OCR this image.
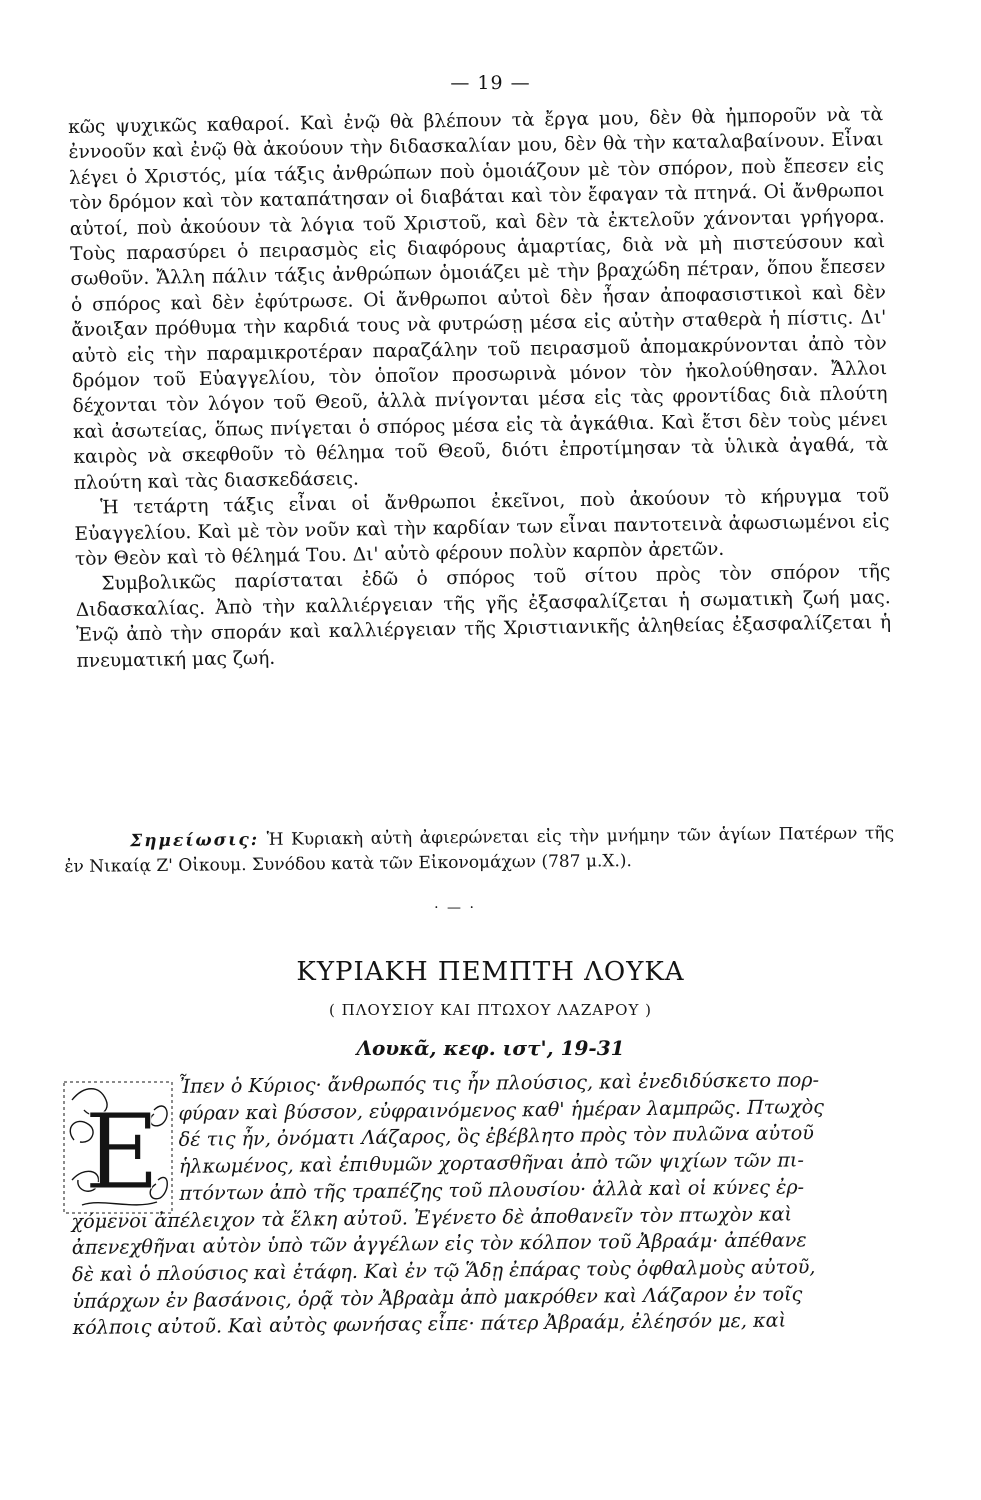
— 19 —

κῶς ψυχικῶς καθαροί. Καὶ ἐνῷ θὰ βλέπουν τὰ ἔργα μου, δὲν θὰ ἠμποροῦν νὰ τὰ ἐννοοῦν καὶ ἐνῷ θὰ ἀκούουν τὴν διδασκαλίαν μου, δὲν θὰ τὴν καταλαβαίνουν. Εἶναι λέγει ὁ Χριστός, μία τάξις ἀνθρώπων ποὺ ὁμοιάζουν μὲ τὸν σπόρον, ποὺ ἔπεσεν εἰς τὸν δρόμον καὶ τὸν καταπάτησαν οἱ διαβάται καὶ τὸν ἔφαγαν τὰ πτηνά. Οἱ ἄνθρωποι αὐτοί, ποὺ ἀκούουν τὰ λόγια τοῦ Χριστοῦ, καὶ δὲν τὰ ἐκτελοῦν χάνονται γρήγορα. Τοὺς παρασύρει ὁ πειρασμὸς εἰς διαφόρους ἁμαρτίας, διὰ νὰ μὴ πιστεύσουν καὶ σωθοῦν. Ἄλλη πάλιν τάξις ἀνθρώπων ὁμοιάζει μὲ τὴν βραχώδη πέτραν, ὅπου ἔπεσεν ὁ σπόρος καὶ δὲν ἐφύτρωσε. Οἱ ἄνθρωποι αὐτοὶ δὲν ἦσαν ἀποφασιστικοὶ καὶ δὲν ἄνοιξαν πρόθυμα τὴν καρδιά τους νὰ φυτρώσῃ μέσα εἰς αὐτὴν σταθερὰ ἡ πίστις. Δι' αὐτὸ εἰς τὴν παραμικροτέραν παραζάλην τοῦ πειρασμοῦ ἀπομακρύνονται ἀπὸ τὸν δρόμον τοῦ Εὐαγγελίου, τὸν ὁποῖον προσωρινὰ μόνον τὸν ἠκολούθησαν. Ἄλλοι δέχονται τὸν λόγον τοῦ Θεοῦ, ἀλλὰ πνίγονται μέσα εἰς τὰς φροντίδας διὰ πλούτη καὶ ἀσωτείας, ὅπως πνίγεται ὁ σπόρος μέσα εἰς τὰ ἀγκάθια. Καὶ ἔτσι δὲν τοὺς μένει καιρὸς νὰ σκεφθοῦν τὸ θέλημα τοῦ Θεοῦ, διότι ἐπροτίμησαν τὰ ὑλικὰ ἀγαθά, τὰ πλούτη καὶ τὰς διασκεδάσεις.

Ἡ τετάρτη τάξις εἶναι οἱ ἄνθρωποι ἐκεῖνοι, ποὺ ἀκούουν τὸ κήρυγμα τοῦ Εὐαγγελίου. Καὶ μὲ τὸν νοῦν καὶ τὴν καρδίαν των εἶναι παντοτεινὰ ἀφωσιωμένοι εἰς τὸν Θεὸν καὶ τὸ θέλημά Του. Δι' αὐτὸ φέρουν πολὺν καρπὸν ἀρετῶν.

Συμβολικῶς παρίσταται ἐδῶ ὁ σπόρος τοῦ σίτου πρὸς τὸν σπόρον τῆς Διδασκαλίας. Ἀπὸ τὴν καλλιέργειαν τῆς γῆς ἐξασφαλίζεται ἡ σωματικὴ ζωή μας. Ἐνῷ ἀπὸ τὴν σποράν καὶ καλλιέργειαν τῆς Χριστιανικῆς ἀληθείας ἐξασφαλίζεται ἡ πνευματική μας ζωή.

Σημείωσις: Ἡ Κυριακὴ αὐτὴ ἀφιερώνεται εἰς τὴν μνήμην τῶν ἁγίων Πατέρων τῆς ἐν Νικαίᾳ Ζ' Οἰκουμ. Συνόδου κατὰ τῶν Εἰκονομάχων (787 μ.Χ.).
· — ·
ΚΥΡΙΑΚΗ ΠΕΜΠΤΗ ΛΟΥΚΑ
( ΠΛΟΥΣΙΟΥ ΚΑΙ ΠΤΩΧΟΥ ΛΑΖΑΡΟΥ )
Λουκᾶ, κεφ. ιστ', 19-31
Ε
Ἶπεν ὁ Κύριος· ἄνθρωπός τις ἦν πλούσιος, καὶ ἐνεδιδύσκετο πορ-
φύραν καὶ βύσσον, εὐφραινόμενος καθ' ἡμέραν λαμπρῶς. Πτωχὸς
δέ τις ἦν, ὀνόματι Λάζαρος, ὃς ἐβέβλητο πρὸς τὸν πυλῶνα αὐτοῦ
ἡλκωμένος, καὶ ἐπιθυμῶν χορτασθῆναι ἀπὸ τῶν ψιχίων τῶν πι-
πτόντων ἀπὸ τῆς τραπέζης τοῦ πλουσίου· ἀλλὰ καὶ οἱ κύνες ἐρ-
χόμενοι ἀπέλειχον τὰ ἕλκη αὐτοῦ. Ἐγένετο δὲ ἀποθανεῖν τὸν πτωχὸν καὶ
ἀπενεχθῆναι αὐτὸν ὑπὸ τῶν ἀγγέλων εἰς τὸν κόλπον τοῦ Ἀβραάμ· ἀπέθανε
δὲ καὶ ὁ πλούσιος καὶ ἐτάφη. Καὶ ἐν τῷ Ἅδῃ ἐπάρας τοὺς ὀφθαλμοὺς αὐτοῦ,
ὑπάρχων ἐν βασάνοις, ὁρᾷ τὸν Ἀβραὰμ ἀπὸ μακρόθεν καὶ Λάζαρον ἐν τοῖς
κόλποις αὐτοῦ. Καὶ αὐτὸς φωνήσας εἶπε· πάτερ Ἀβραάμ, ἐλέησόν με, καὶ
